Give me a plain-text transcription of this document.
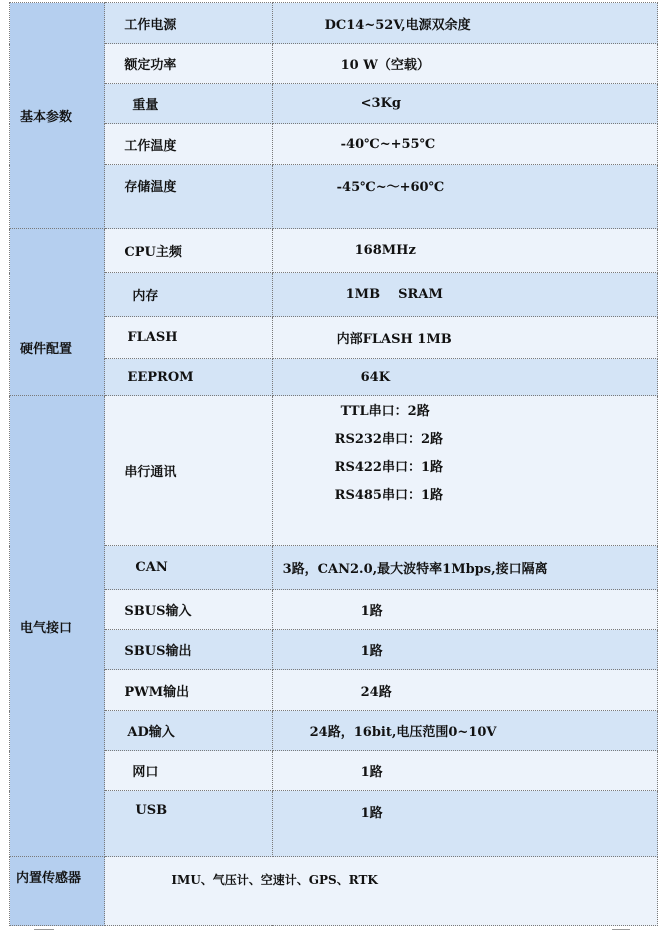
基本参数	工作电源	DC14~52V,电源双余度
	额定功率	10 W（空载）
	重量	<3Kg
	工作温度	-40℃~+55℃
	存储温度	-45℃~～+60℃
硬件配置	CPU主频	168MHz
	内存	1MB    SRAM
	FLASH	内部FLASH 1MB
	EEPROM	64K
电气接口	串行通讯	TTL串口：2路
RS232串口：2路
RS422串口：1路
RS485串口：1路

	CAN	3路，CAN2.0,最大波特率1Mbps,接口隔离
	SBUS输入	1路
	SBUS输出	1路
	PWM输出	24路
	AD输入	24路，16bit,电压范围0~10V
	网口	1路
	USB	1路
内置传感器	IMU、气压计、空速计、GPS、RTK	
